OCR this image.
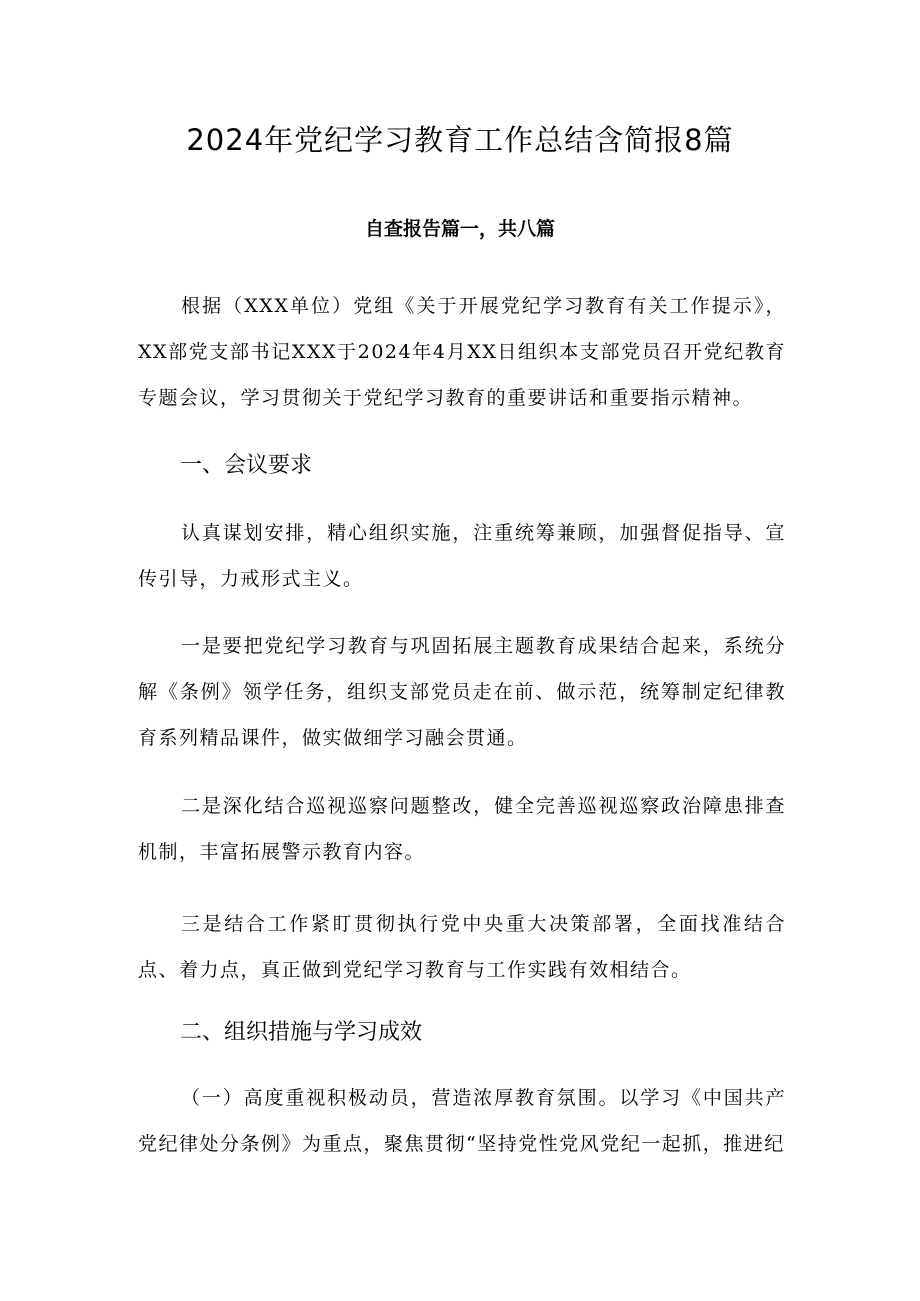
2024年党纪学习教育工作总结含简报8篇
自查报告篇一，共八篇

根据（XXX单位）党组《关于开展党纪学习教育有关工作提示》，XX部党支部书记XXX于2024年4月XX日组织本支部党员召开党纪教育专题会议，学习贯彻关于党纪学习教育的重要讲话和重要指示精神。

一、会议要求

认真谋划安排，精心组织实施，注重统筹兼顾，加强督促指导、宣传引导，力戒形式主义。

一是要把党纪学习教育与巩固拓展主题教育成果结合起来，系统分解《条例》领学任务，组织支部党员走在前、做示范，统筹制定纪律教育系列精品课件，做实做细学习融会贯通。

二是深化结合巡视巡察问题整改，健全完善巡视巡察政治障患排查机制，丰富拓展警示教育内容。

三是结合工作紧盯贯彻执行党中央重大决策部署，全面找准结合点、着力点，真正做到党纪学习教育与工作实践有效相结合。

二、组织措施与学习成效

（一）高度重视积极动员，营造浓厚教育氛围。以学习《中国共产党纪律处分条例》为重点，聚焦贯彻“坚持党性党风党纪一起抓，推进纪
